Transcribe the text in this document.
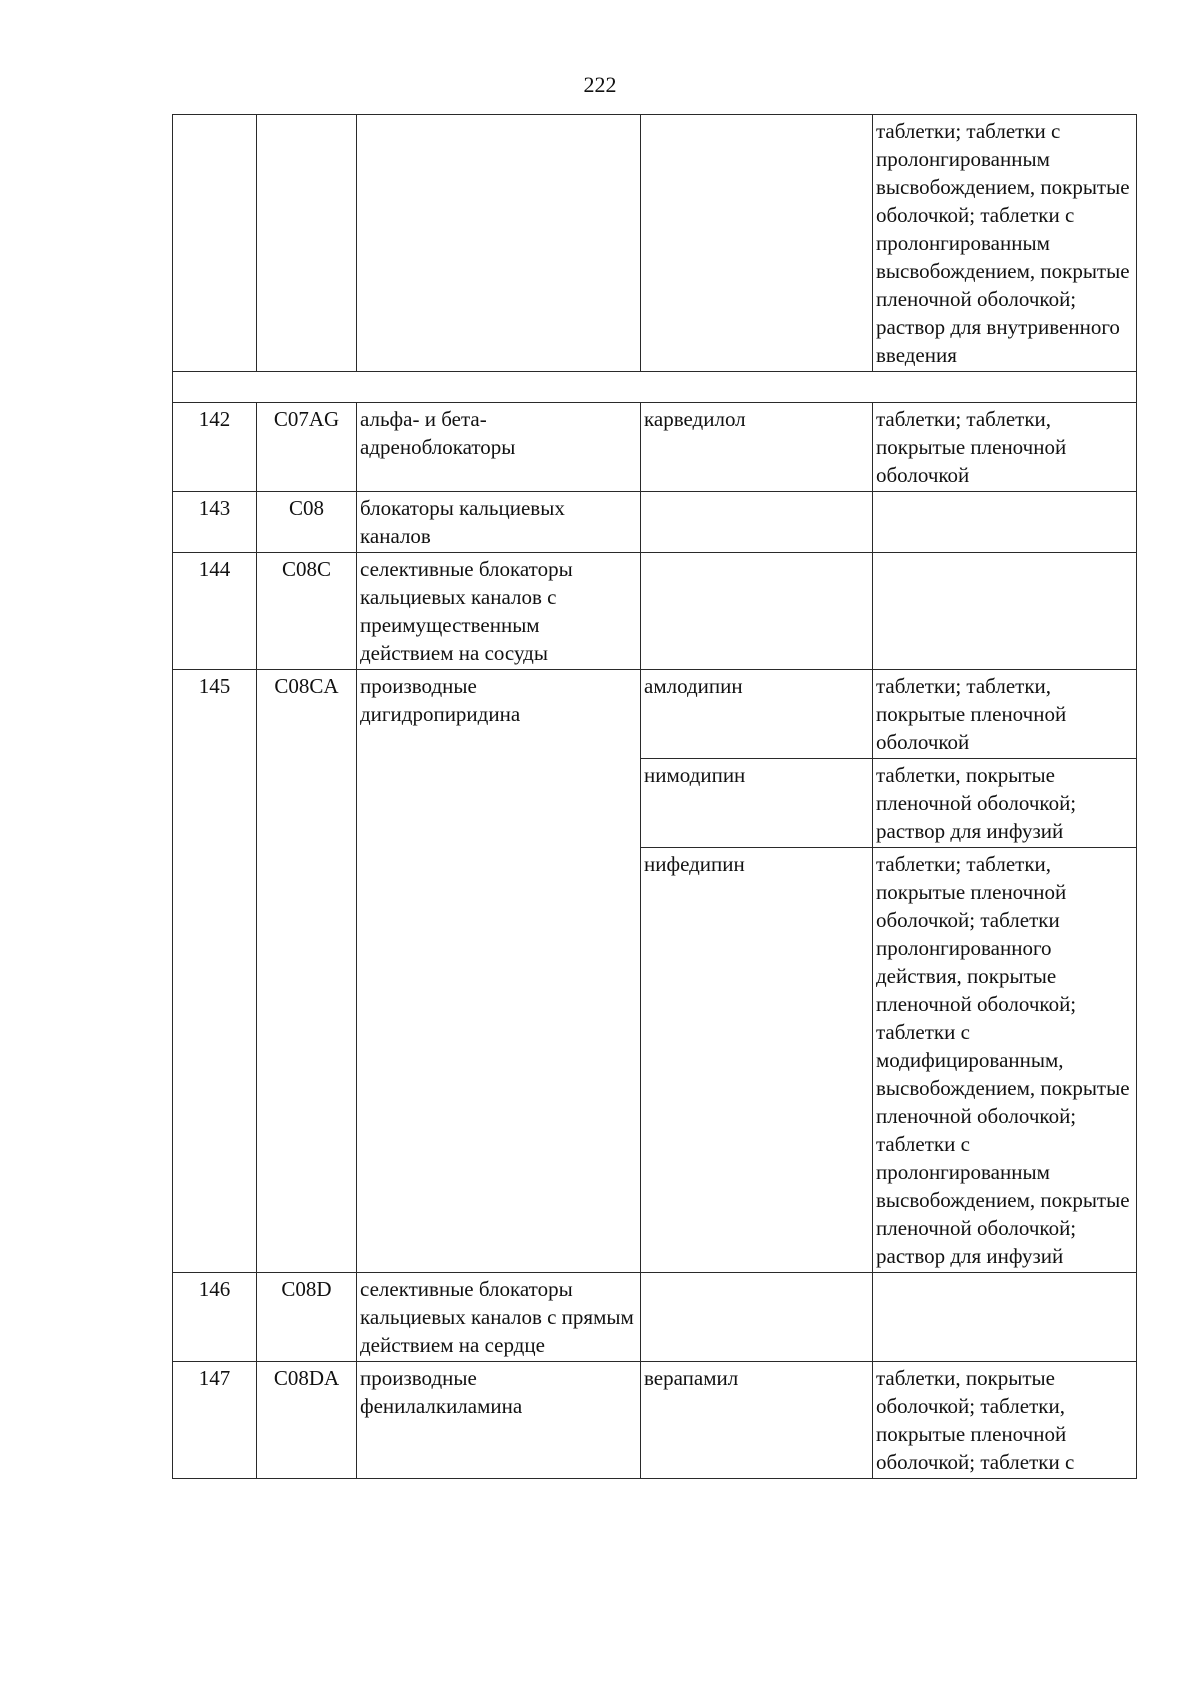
222
				таблетки; таблетки с пролонгированным высвобождением, покрытые оболочкой; таблетки с пролонгированным высвобождением, покрытые пленочной оболочкой; раствор для внутривенного введения

142	C07AG	альфа- и бета-адреноблокаторы	карведилол	таблетки; таблетки, покрытые пленочной оболочкой
143	C08	блокаторы кальциевых каналов		
144	C08C	селективные блокаторы кальциевых каналов с преимущественным действием на сосуды		
145	C08CA	производные дигидропиридина	амлодипин	таблетки; таблетки, покрытые пленочной оболочкой
			нимодипин	таблетки, покрытые пленочной оболочкой; раствор для инфузий
			нифедипин	таблетки; таблетки, покрытые пленочной оболочкой; таблетки пролонгированного действия, покрытые пленочной оболочкой; таблетки с модифицированным, высвобождением, покрытые пленочной оболочкой; таблетки с пролонгированным высвобождением, покрытые пленочной оболочкой; раствор для инфузий
146	C08D	селективные блокаторы кальциевых каналов с прямым действием на сердце		
147	C08DA	производные фенилалкиламина	верапамил	таблетки, покрытые оболочкой; таблетки, покрытые пленочной оболочкой; таблетки с
